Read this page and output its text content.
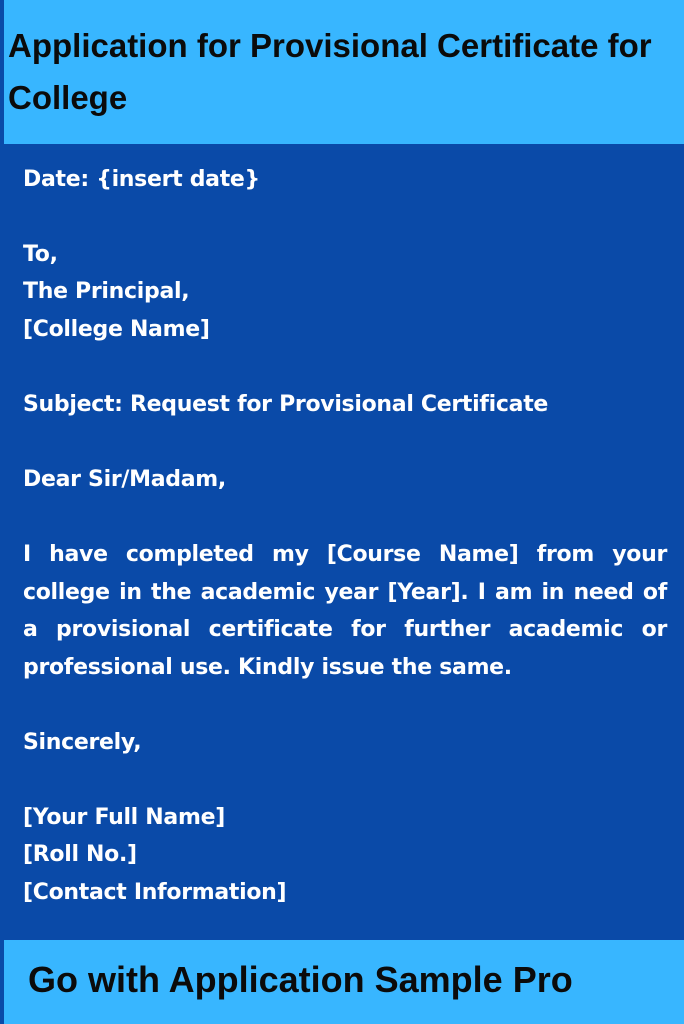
Application for Provisional Certificate for College

Date: {insert date}

To,

The Principal,

[College Name]

Subject: Request for Provisional Certificate

Dear Sir/Madam,

I have completed my [Course Name] from your college in the academic year [Year]. I am in need of a provisional certificate for further academic or professional use. Kindly issue the same.

Sincerely,

[Your Full Name]

[Roll No.]

[Contact Information]

Go with Application Sample Pro
